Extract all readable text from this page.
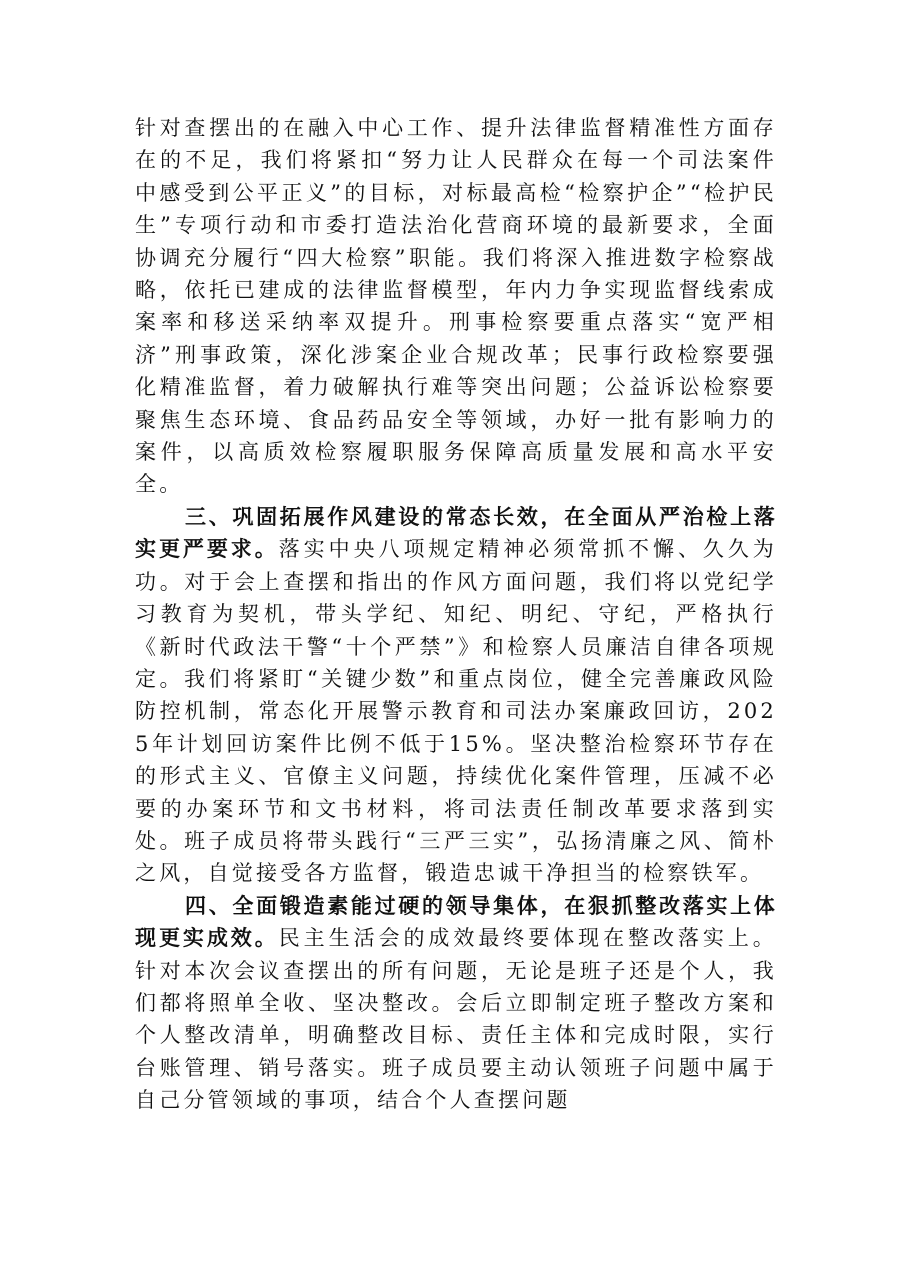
针对查摆出的在融入中心工作、提升法律监督精准性方面存在的不足，我们将紧扣“努力让人民群众在每一个司法案件中感受到公平正义”的目标，对标最高检“检察护企”“检护民生”专项行动和市委打造法治化营商环境的最新要求，全面协调充分履行“四大检察”职能。我们将深入推进数字检察战略，依托已建成的法律监督模型，年内力争实现监督线索成案率和移送采纳率双提升。刑事检察要重点落实“宽严相济”刑事政策，深化涉案企业合规改革；民事行政检察要强化精准监督，着力破解执行难等突出问题；公益诉讼检察要聚焦生态环境、食品药品安全等领域，办好一批有影响力的案件，以高质效检察履职服务保障高质量发展和高水平安全。

三、巩固拓展作风建设的常态长效，在全面从严治检上落实更严要求。落实中央八项规定精神必须常抓不懈、久久为功。对于会上查摆和指出的作风方面问题，我们将以党纪学习教育为契机，带头学纪、知纪、明纪、守纪，严格执行《新时代政法干警“十个严禁”》和检察人员廉洁自律各项规定。我们将紧盯“关键少数”和重点岗位，健全完善廉政风险防控机制，常态化开展警示教育和司法办案廉政回访，2025年计划回访案件比例不低于15%。坚决整治检察环节存在的形式主义、官僚主义问题，持续优化案件管理，压减不必要的办案环节和文书材料，将司法责任制改革要求落到实处。班子成员将带头践行“三严三实”，弘扬清廉之风、简朴之风，自觉接受各方监督，锻造忠诚干净担当的检察铁军。

四、全面锻造素能过硬的领导集体，在狠抓整改落实上体现更实成效。民主生活会的成效最终要体现在整改落实上。针对本次会议查摆出的所有问题，无论是班子还是个人，我们都将照单全收、坚决整改。会后立即制定班子整改方案和个人整改清单，明确整改目标、责任主体和完成时限，实行台账管理、销号落实。班子成员要主动认领班子问题中属于自己分管领域的事项，结合个人查摆问题
